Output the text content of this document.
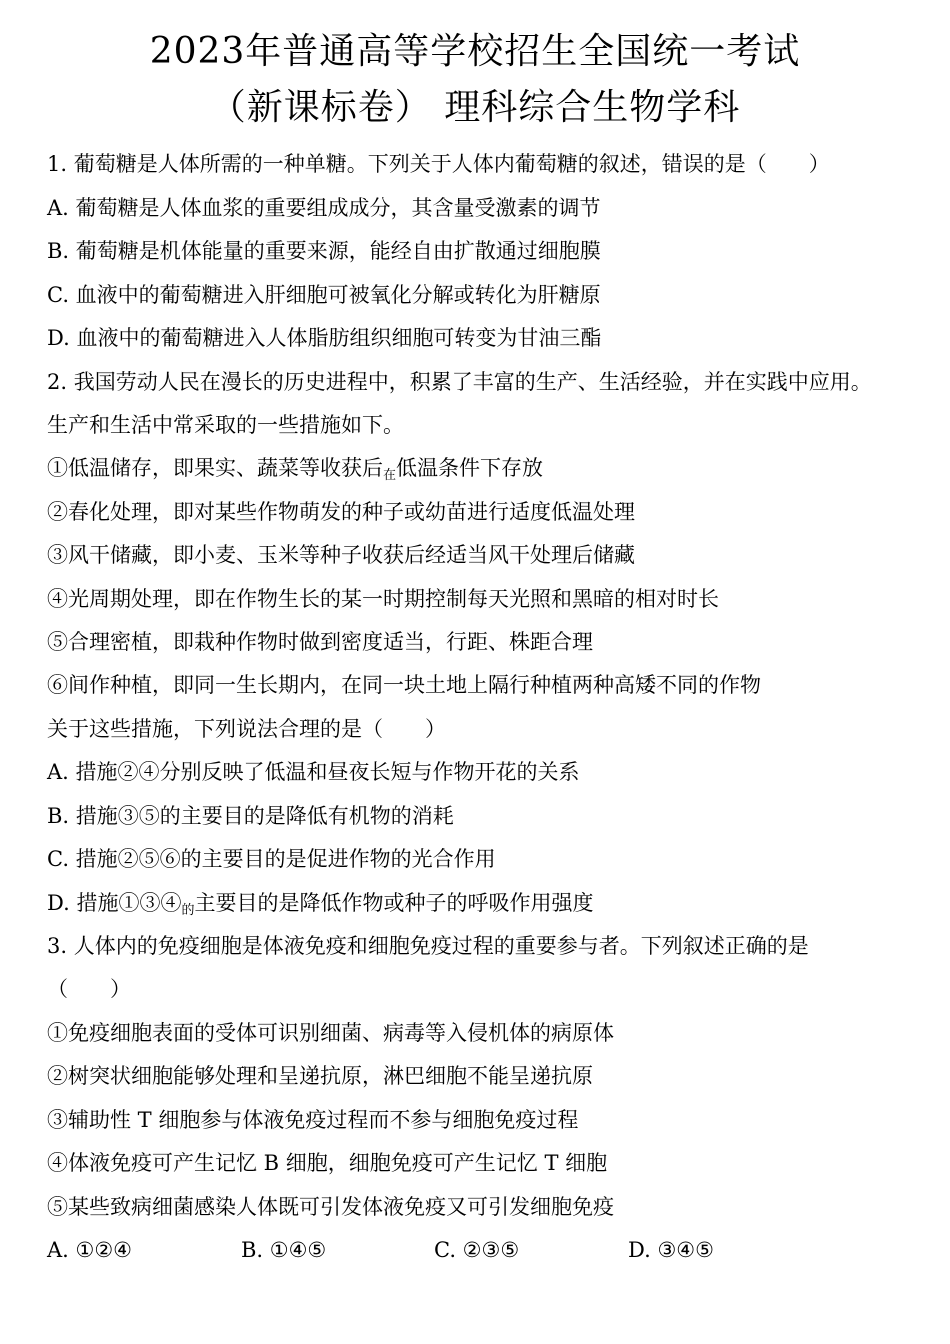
2023年普通高等学校招生全国统一考试
（新课标卷） 理科综合生物学科
1. 葡萄糖是人体所需的一种单糖。下列关于人体内葡萄糖的叙述，错误的是（　　）
A. 葡萄糖是人体血浆的重要组成成分，其含量受激素的调节
B. 葡萄糖是机体能量的重要来源，能经自由扩散通过细胞膜
C. 血液中的葡萄糖进入肝细胞可被氧化分解或转化为肝糖原
D. 血液中的葡萄糖进入人体脂肪组织细胞可转变为甘油三酯
2. 我国劳动人民在漫长的历史进程中，积累了丰富的生产、生活经验，并在实践中应用。
生产和生活中常采取的一些措施如下。
①低温储存，即果实、蔬菜等收获后在低温条件下存放
②春化处理，即对某些作物萌发的种子或幼苗进行适度低温处理
③风干储藏，即小麦、玉米等种子收获后经适当风干处理后储藏
④光周期处理，即在作物生长的某一时期控制每天光照和黑暗的相对时长
⑤合理密植，即栽种作物时做到密度适当，行距、株距合理
⑥间作种植，即同一生长期内，在同一块土地上隔行种植两种高矮不同的作物
关于这些措施，下列说法合理的是（　　）
A. 措施②④分别反映了低温和昼夜长短与作物开花的关系
B. 措施③⑤的主要目的是降低有机物的消耗
C. 措施②⑤⑥的主要目的是促进作物的光合作用
D. 措施①③④的主要目的是降低作物或种子的呼吸作用强度
3. 人体内的免疫细胞是体液免疫和细胞免疫过程的重要参与者。下列叙述正确的是
（　　）
①免疫细胞表面的受体可识别细菌、病毒等入侵机体的病原体
②树突状细胞能够处理和呈递抗原，淋巴细胞不能呈递抗原
③辅助性 T 细胞参与体液免疫过程而不参与细胞免疫过程
④体液免疫可产生记忆 B 细胞，细胞免疫可产生记忆 T 细胞
⑤某些致病细菌感染人体既可引发体液免疫又可引发细胞免疫
A. ①②④	B. ①④⑤	C. ②③⑤	D. ③④⑤
